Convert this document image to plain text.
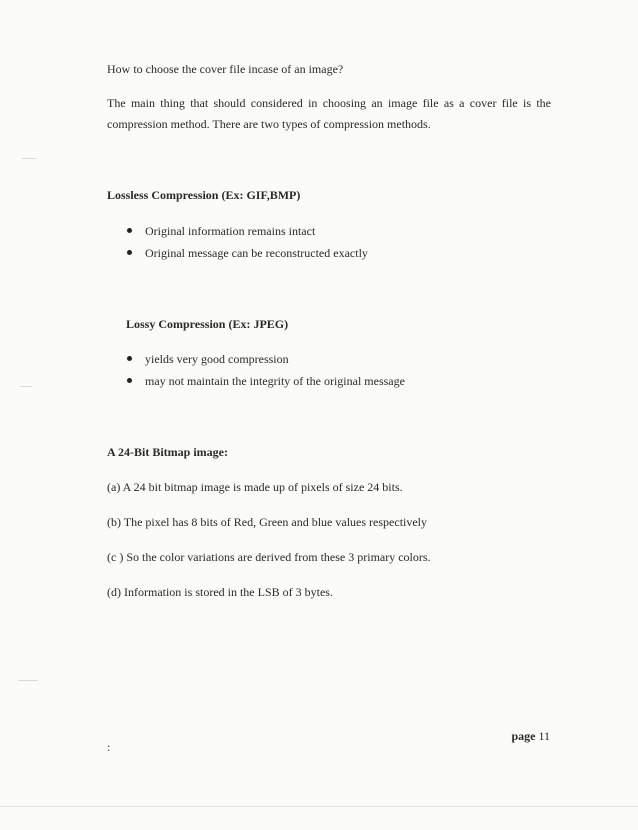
How to choose the cover file incase of an image?

The main thing that should considered in choosing an image file as a cover file is the compression method. There are two types of compression methods.

Lossless Compression (Ex: GIF,BMP)

Original information remains intact
Original message can be reconstructed exactly

Lossy Compression (Ex: JPEG)

yields very good compression
may not maintain the integrity of the original message

A 24-Bit Bitmap image:

(a) A 24 bit bitmap image is made up of pixels of size 24 bits.

(b) The pixel has 8 bits of Red, Green and blue values respectively

(c ) So the color variations are derived from these 3 primary colors.

(d) Information is stored in the LSB of 3 bytes.

page 11
:
